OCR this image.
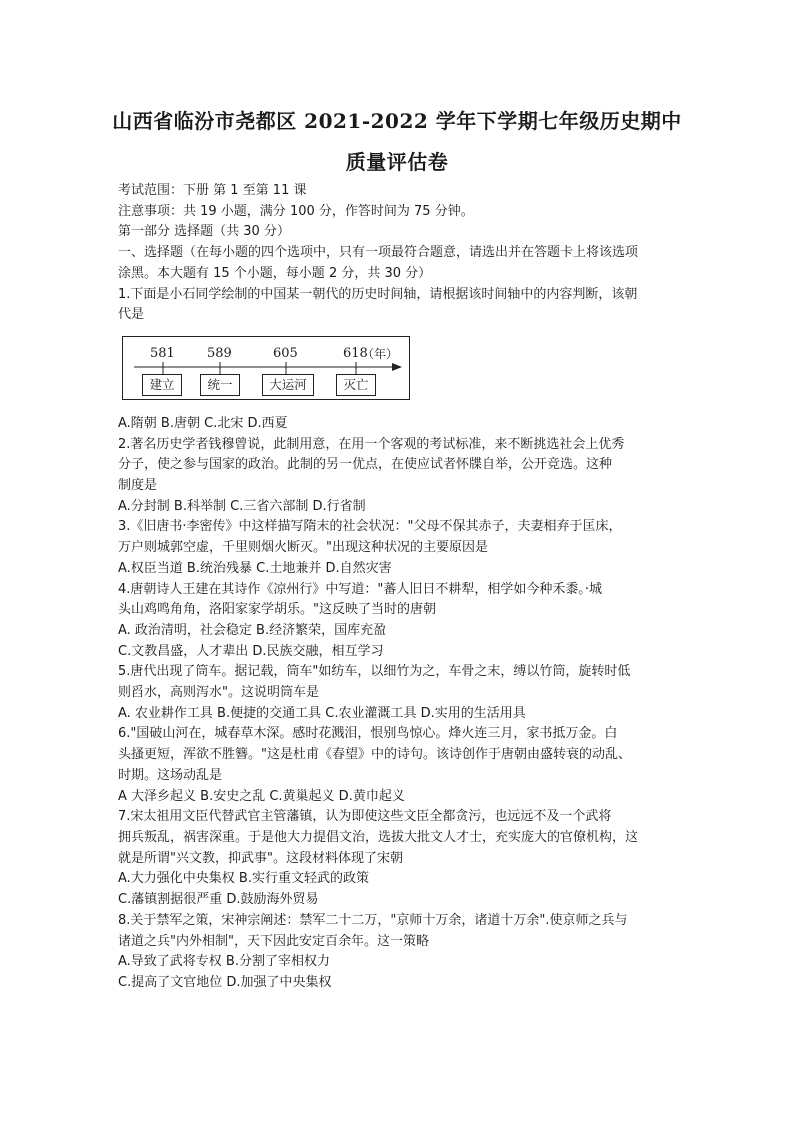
山西省临汾市尧都区 2021-2022 学年下学期七年级历史期中
质量评估卷

考试范围：下册 第 1 至第 11 课

注意事项：共 19 小题，满分 100 分，作答时间为 75 分钟。

第一部分 选择题（共 30 分）

一、选择题（在每小题的四个选项中，只有一项最符合题意，请选出并在答题卡上将该选项

涂黑。本大题有 15 个小题，每小题 2 分，共 30 分）

1.下面是小石同学绘制的中国某一朝代的历史时间轴，请根据该时间轴中的内容判断，该朝

代是

581 589	605	618
（年）
建立	统一	大运河	灭亡

A.隋朝 B.唐朝 C.北宋 D.西夏

2.著名历史学者钱穆曾说，此制用意，在用一个客观的考试标准，来不断挑选社会上优秀

分子，使之参与国家的政治。此制的另一优点，在使应试者怀牒自举，公开竞选。这种

制度是

A.分封制 B.科举制 C.三省六部制 D.行省制

3.《旧唐书·李密传》中这样描写隋末的社会状况："父母不保其赤子，夫妻相弃于匡床，

万户则城郭空虚，千里则烟火断灭。"出现这种状况的主要原因是

A.权臣当道 B.统治残暴 C.土地兼并 D.自然灾害

4.唐朝诗人王建在其诗作《凉州行》中写道："蕃人旧日不耕犁，相学如今种禾黍。·城

头山鸡鸣角角，洛阳家家学胡乐。"这反映了当时的唐朝

A. 政治清明，社会稳定 B.经济繁荣，国库充盈

C.文教昌盛，人才辈出 D.民族交融，相互学习

5.唐代出现了筒车。据记载，筒车"如纺车，以细竹为之，车骨之末，缚以竹筒，旋转时低

则舀水，高则泻水"。这说明筒车是

A. 农业耕作工具 B.便捷的交通工具 C.农业灌溉工具 D.实用的生活用具

6."国破山河在，城春草木深。感时花溅泪，恨别鸟惊心。烽火连三月，家书抵万金。白

头搔更短，浑欲不胜簪。"这是杜甫《春望》中的诗句。该诗创作于唐朝由盛转衰的动乱、

时期。这场动乱是

A 大泽乡起义 B.安史之乱 C.黄巢起义 D.黄巾起义

7.宋太祖用文臣代替武官主管藩镇，认为即使这些文臣全都贪污，也远远不及一个武将

拥兵叛乱，祸害深重。于是他大力提倡文治，选拔大批文人才士，充实庞大的官僚机构，这

就是所谓"兴文教，抑武事"。这段材料体现了宋朝

A.大力强化中央集权 B.实行重文轻武的政策

C.藩镇割据很严重 D.鼓励海外贸易

8.关于禁军之策，宋神宗阐述：禁军二十二万，"京师十万余，诸道十万余".使京师之兵与

诸道之兵"内外相制"，天下因此安定百余年。这一策略

A.导致了武将专权 B.分割了宰相权力

C.提高了文官地位 D.加强了中央集权
